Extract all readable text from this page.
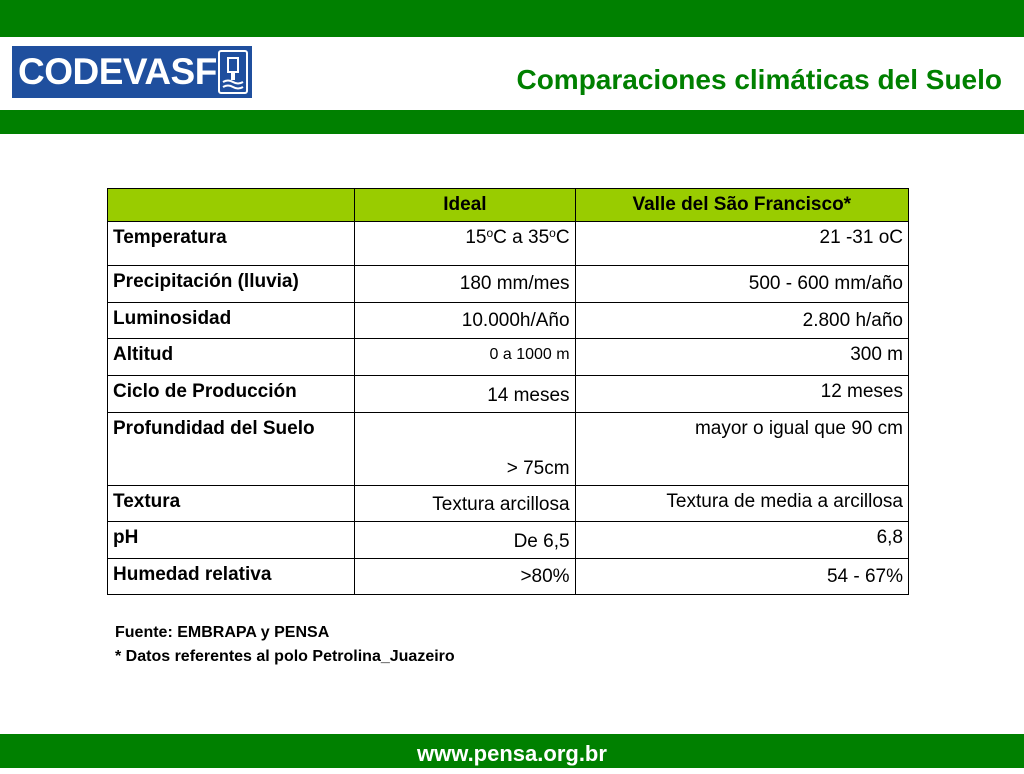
CODEVASF	Comparaciones climáticas del Suelo
	Ideal	Valle del São Francisco*
Temperatura	15$^o$C a 35$^o$C	21 -31 oC
Precipitación (lluvia)	180 mm/mes	500 - 600 mm/año
Luminosidad	10.000h/Año	2.800 h/año
Altitud	0 a 1000 m	300 m
Ciclo de Producción	14 meses	12 meses
Profundidad del Suelo	> 75cm	mayor o igual que 90 cm
Textura	Textura arcillosa	Textura de media a arcillosa
pH	De 6,5	6,8
Humedad relativa	>80%	54 - 67%
Fuente: EMBRAPA y PENSA
* Datos referentes al polo Petrolina_Juazeiro
www.pensa.org.br
